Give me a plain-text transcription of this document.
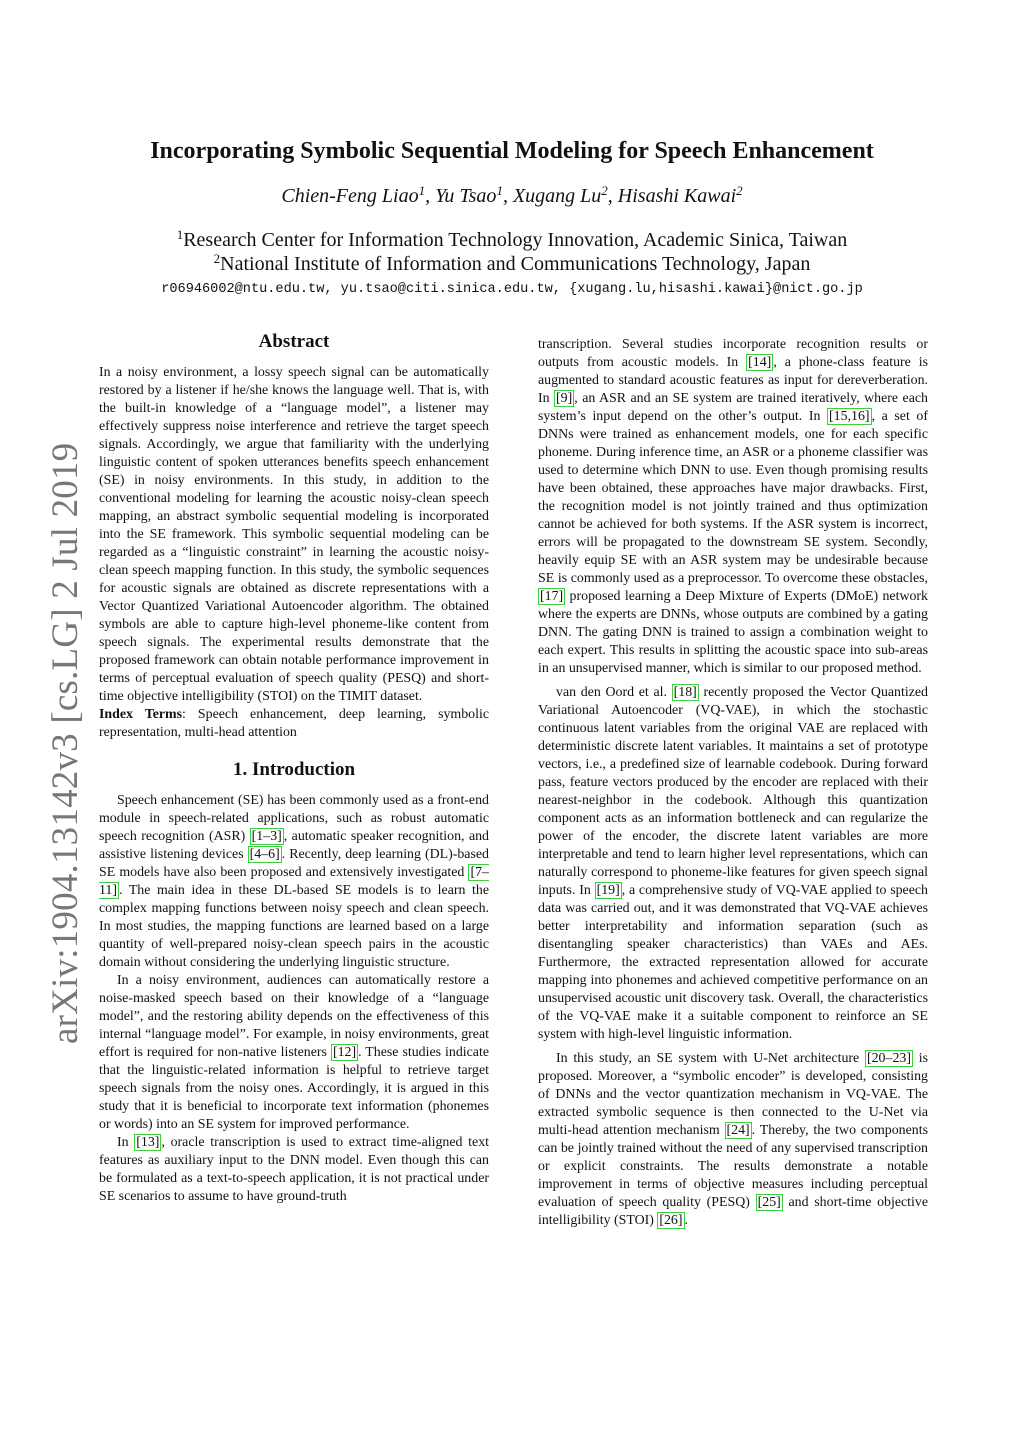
arXiv:1904.13142v3 [cs.LG] 2 Jul 2019
Incorporating Symbolic Sequential Modeling for Speech Enhancement
Chien-Feng Liao$^1$, Yu Tsao$^1$, Xugang Lu$^2$, Hisashi Kawai$^2$
$^1$Research Center for Information Technology Innovation, Academic Sinica, Taiwan
$^2$National Institute of Information and Communications Technology, Japan
r06946002@ntu.edu.tw, yu.tsao@citi.sinica.edu.tw, {xugang.lu,hisashi.kawai}@nict.go.jp
Abstract

In a noisy environment, a lossy speech signal can be automatically restored by a listener if he/she knows the language well. That is, with the built-in knowledge of a “language model”, a listener may effectively suppress noise interference and retrieve the target speech signals. Accordingly, we argue that familiarity with the underlying linguistic content of spoken utterances benefits speech enhancement (SE) in noisy environments. In this study, in addition to the conventional modeling for learning the acoustic noisy-clean speech mapping, an abstract symbolic sequential modeling is incorporated into the SE framework. This symbolic sequential modeling can be regarded as a “linguistic constraint” in learning the acoustic noisy-clean speech mapping function. In this study, the symbolic sequences for acoustic signals are obtained as discrete representations with a Vector Quantized Variational Autoencoder algorithm. The obtained symbols are able to capture high-level phoneme-like content from speech signals. The experimental results demonstrate that the proposed framework can obtain notable performance improvement in terms of perceptual evaluation of speech quality (PESQ) and short-time objective intelligibility (STOI) on the TIMIT dataset.

Index Terms: Speech enhancement, deep learning, symbolic representation, multi-head attention

1. Introduction

Speech enhancement (SE) has been commonly used as a front-end module in speech-related applications, such as robust automatic speech recognition (ASR) [1–3] , automatic speaker recognition, and assistive listening devices [4–6] . Recently, deep learning (DL)-based SE models have also been proposed and extensively investigated [7–11] . The main idea in these DL-based SE models is to learn the complex mapping functions between noisy speech and clean speech. In most studies, the mapping functions are learned based on a large quantity of well-prepared noisy-clean speech pairs in the acoustic domain without considering the underlying linguistic structure.

In a noisy environment, audiences can automatically restore a noise-masked speech based on their knowledge of a “language model”, and the restoring ability depends on the effectiveness of this internal “language model”. For example, in noisy environments, great effort is required for non-native listeners [12] . These studies indicate that the linguistic-related information is helpful to retrieve target speech signals from the noisy ones. Accordingly, it is argued in this study that it is beneficial to incorporate text information (phonemes or words) into an SE system for improved performance.

In [13] , oracle transcription is used to extract time-aligned text features as auxiliary input to the DNN model. Even though this can be formulated as a text-to-speech application, it is not practical under SE scenarios to assume to have ground-truth

transcription. Several studies incorporate recognition results or outputs from acoustic models. In [14] , a phone-class feature is augmented to standard acoustic features as input for dereverberation. In [9] , an ASR and an SE system are trained iteratively, where each system’s input depend on the other’s output. In [15,16] , a set of DNNs were trained as enhancement models, one for each specific phoneme. During inference time, an ASR or a phoneme classifier was used to determine which DNN to use. Even though promising results have been obtained, these approaches have major drawbacks. First, the recognition model is not jointly trained and thus optimization cannot be achieved for both systems. If the ASR system is incorrect, errors will be propagated to the downstream SE system. Secondly, heavily equip SE with an ASR system may be undesirable because SE is commonly used as a preprocessor. To overcome these obstacles, [17] proposed learning a Deep Mixture of Experts (DMoE) network where the experts are DNNs, whose outputs are combined by a gating DNN. The gating DNN is trained to assign a combination weight to each expert. This results in splitting the acoustic space into sub-areas in an unsupervised manner, which is similar to our proposed method.

van den Oord et al. [18] recently proposed the Vector Quantized Variational Autoencoder (VQ-VAE), in which the stochastic continuous latent variables from the original VAE are replaced with deterministic discrete latent variables. It maintains a set of prototype vectors, i.e., a predefined size of learnable codebook. During forward pass, feature vectors produced by the encoder are replaced with their nearest-neighbor in the codebook. Although this quantization component acts as an information bottleneck and can regularize the power of the encoder, the discrete latent variables are more interpretable and tend to learn higher level representations, which can naturally correspond to phoneme-like features for given speech signal inputs. In [19] , a comprehensive study of VQ-VAE applied to speech data was carried out, and it was demonstrated that VQ-VAE achieves better interpretability and information separation (such as disentangling speaker characteristics) than VAEs and AEs. Furthermore, the extracted representation allowed for accurate mapping into phonemes and achieved competitive performance on an unsupervised acoustic unit discovery task. Overall, the characteristics of the VQ-VAE make it a suitable component to reinforce an SE system with high-level linguistic information.

In this study, an SE system with U-Net architecture [20–23] is proposed. Moreover, a “symbolic encoder” is developed, consisting of DNNs and the vector quantization mechanism in VQ-VAE. The extracted symbolic sequence is then connected to the U-Net via multi-head attention mechanism [24] . Thereby, the two components can be jointly trained without the need of any supervised transcription or explicit constraints. The results demonstrate a notable improvement in terms of objective measures including perceptual evaluation of speech quality (PESQ) [25] and short-time objective intelligibility (STOI) [26] .
